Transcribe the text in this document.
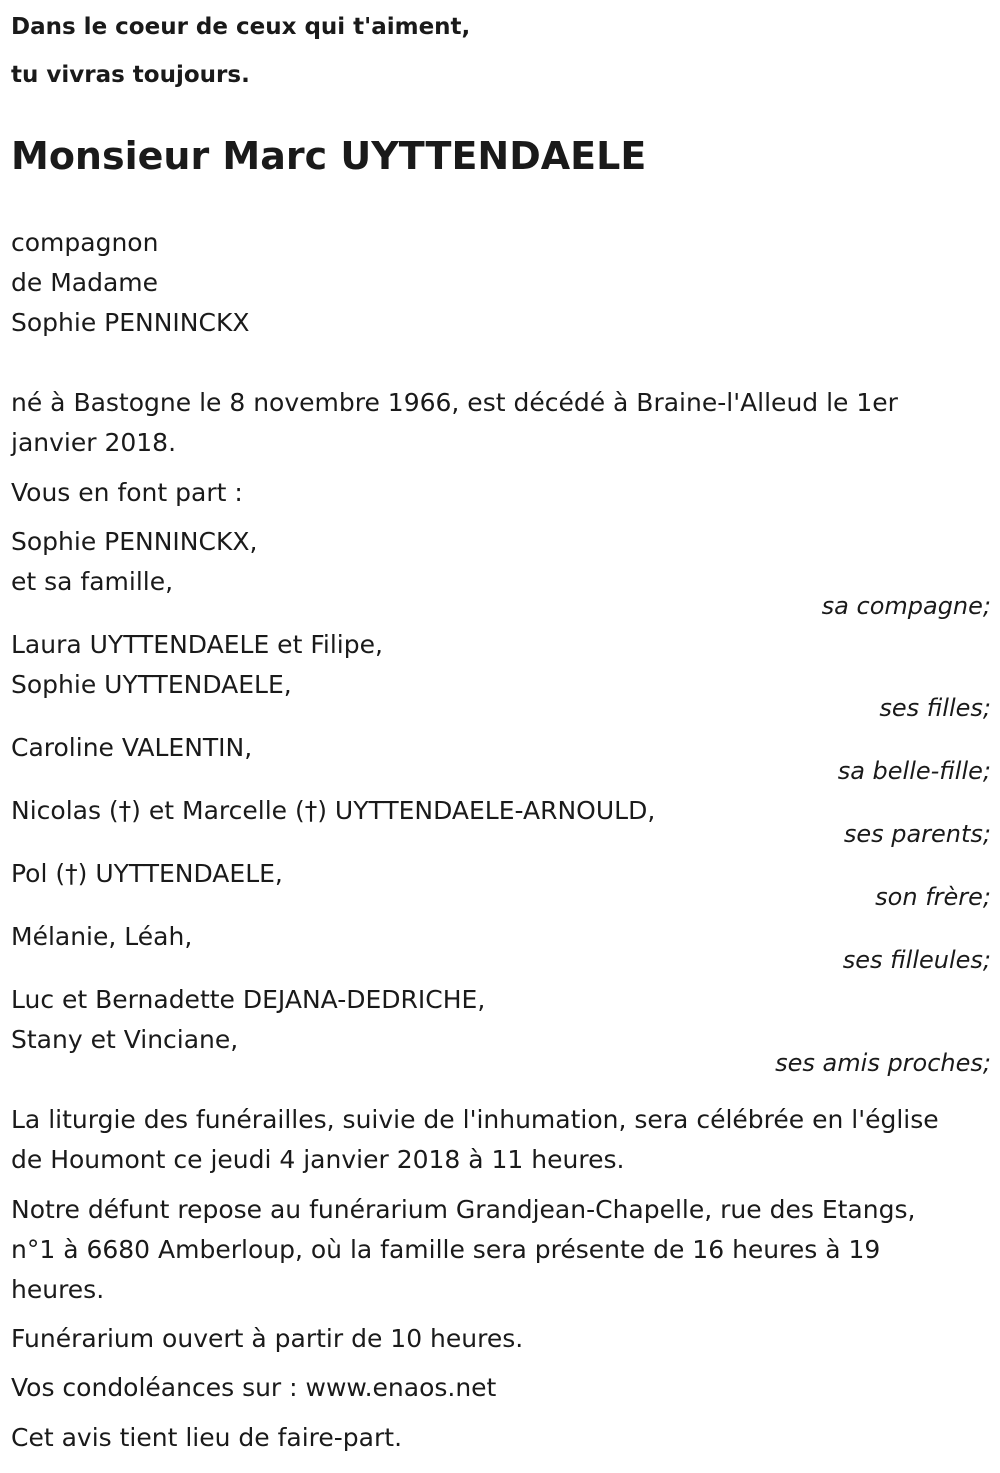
Dans le coeur de ceux qui t'aiment,
tu vivras toujours.
Monsieur Marc UYTTENDAELE
compagnon
de Madame
Sophie PENNINCKX
né à Bastogne le 8 novembre 1966, est décédé à Braine-l'Alleud le 1er
janvier 2018.
Vous en font part :
Sophie PENNINCKX,
et sa famille,
sa compagne;
Laura UYTTENDAELE et Filipe,
Sophie UYTTENDAELE,
ses filles;
Caroline VALENTIN,
sa belle-fille;
Nicolas (†) et Marcelle (†) UYTTENDAELE-ARNOULD,
ses parents;
Pol (†) UYTTENDAELE,
son frère;
Mélanie, Léah,
ses filleules;
Luc et Bernadette DEJANA-DEDRICHE,
Stany et Vinciane,
ses amis proches;
La liturgie des funérailles, suivie de l'inhumation, sera célébrée en l'église
de Houmont ce jeudi 4 janvier 2018 à 11 heures.
Notre défunt repose au funérarium Grandjean-Chapelle, rue des Etangs,
n°1 à 6680 Amberloup, où la famille sera présente de 16 heures à 19
heures.
Funérarium ouvert à partir de 10 heures.
Vos condoléances sur : www.enaos.net
Cet avis tient lieu de faire-part.
